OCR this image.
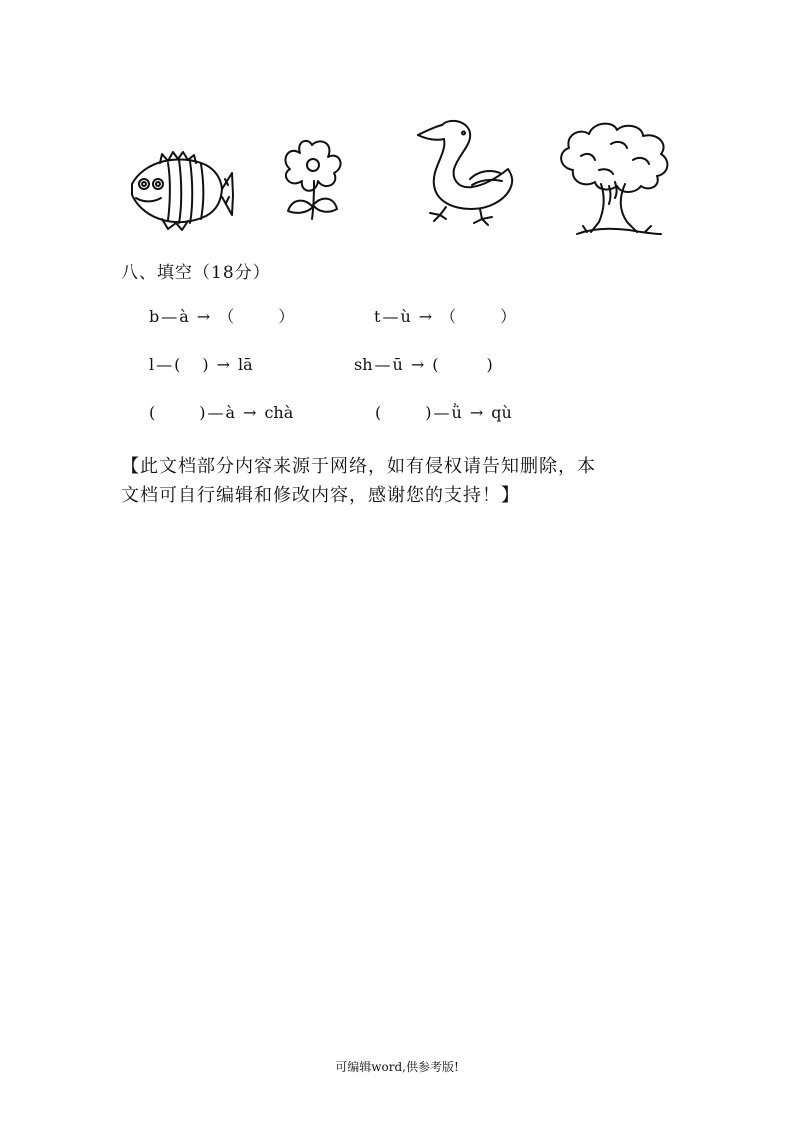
八、填空（18分）
b — à → （	）	t — ù → （	）
l — ( ) → lā	sh — ū → (	)
(	) — à → chà	(	) — ǜ → qù
【此文档部分内容来源于网络，如有侵权请告知删除，本
文档可自行编辑和修改内容，感谢您的支持！】
可编辑word,供参考版!
